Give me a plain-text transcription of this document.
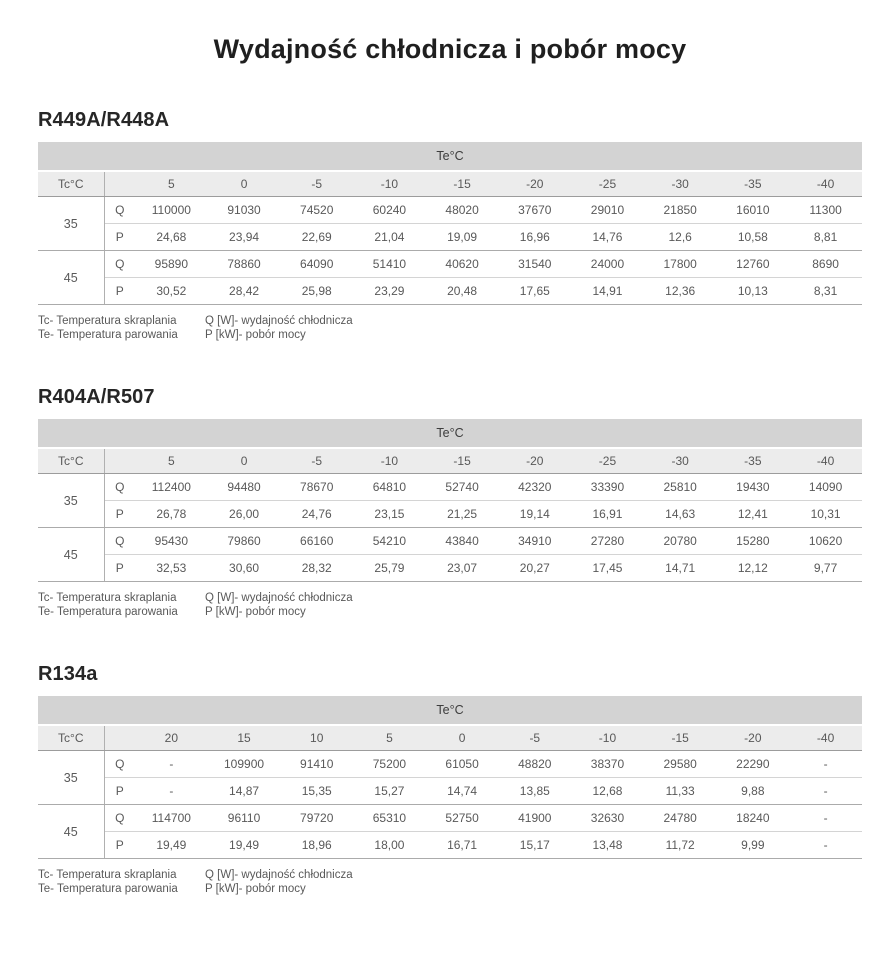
Wydajność chłodnicza i pobór mocy
R449A/R448A
Te°C											
Tc°C		5	0	-5	-10	-15	-20	-25	-30	-35	-40
35	Q	110000	91030	74520	60240	48020	37670	29010	21850	16010	11300
	P	24,68	23,94	22,69	21,04	19,09	16,96	14,76	12,6	10,58	8,81
45	Q	95890	78860	64090	51410	40620	31540	24000	17800	12760	8690
	P	30,52	28,42	25,98	23,29	20,48	17,65	14,91	12,36	10,13	8,31
Tc- Temperatura skraplania
Te- Temperatura parowania
Q [W]- wydajność chłodnicza
P [kW]- pobór mocy
R404A/R507
Te°C											
Tc°C		5	0	-5	-10	-15	-20	-25	-30	-35	-40
35	Q	112400	94480	78670	64810	52740	42320	33390	25810	19430	14090
	P	26,78	26,00	24,76	23,15	21,25	19,14	16,91	14,63	12,41	10,31
45	Q	95430	79860	66160	54210	43840	34910	27280	20780	15280	10620
	P	32,53	30,60	28,32	25,79	23,07	20,27	17,45	14,71	12,12	9,77
Tc- Temperatura skraplania
Te- Temperatura parowania
Q [W]- wydajność chłodnicza
P [kW]- pobór mocy
R134a
Te°C											
Tc°C		20	15	10	5	0	-5	-10	-15	-20	-40
35	Q	-	109900	91410	75200	61050	48820	38370	29580	22290	-
	P	-	14,87	15,35	15,27	14,74	13,85	12,68	11,33	9,88	-
45	Q	114700	96110	79720	65310	52750	41900	32630	24780	18240	-
	P	19,49	19,49	18,96	18,00	16,71	15,17	13,48	11,72	9,99	-
Tc- Temperatura skraplania
Te- Temperatura parowania
Q [W]- wydajność chłodnicza
P [kW]- pobór mocy
